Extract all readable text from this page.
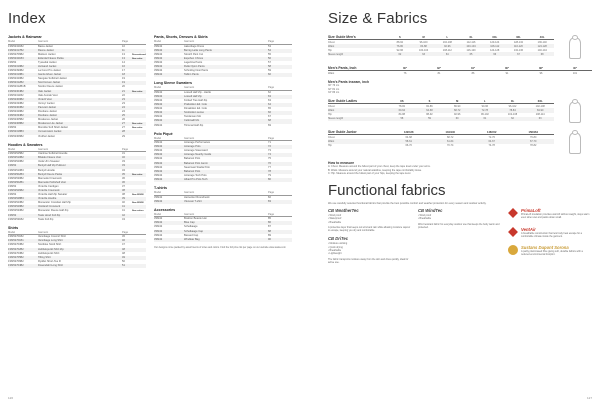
Index
Jackets & Rainwear
Model	Garment	Page
1SM52321B2	Basta Jacket	10
1SM52317B2	Ravna Jacket	11
1SM52706B2	Mattson Jacket	13	Discontinued
1SM52321B3	Eiderdal Fleece Parka	13	New color
1SM52	Tyssedal Jacket	14
1SM52319B2	Hvitsand Jacket	16
1SM52390B2	La Foret Pro Jacket	17
1SM52319B1	Gamle Elven Jacket	18
1SM52320B2	Nangate Softshell Jacket	19
1SM52312B2	Nord Hoven Jacket	19
1SM52312B1B	Nordre Fleece Jacket	20
1SM52304B2	Vale Jacket	21	New color
1SM52311B2	Vale Anorak Vest	22
1SM52309B2	Vinterli Vest	23
1SM52333B2	Vermyr Jacket	23
1SM52303B2	Pauvrett Jacket	24
1SM52329B2	Rondane Jacket	24
1SM52334B2	Rondane Jacket	25
1SM52305B2	Moskenes Jacket	26
1SM52308B2	Moskenes Lite Jacket	27	New color
1SM52	Monolite Soft Shell Jacket	27	New color
1SM52318B3	Uvmannstein Jacket	28
1SM52306B2	Vindhel Jacket	29
Hoodies & Sweaters
Model	Garment	Page
1SM52525B2	Utanhoe Softshell Hoodie	31
1SM52510B2	Bhakko Fleece Vest	32
1SM52520B2	Veda Uhn Sweater	33
1SM52	Bunlyd Half Zip Pullover	33
1SM52510B3	Bunlyd Hoodie	34
1SM52502B3	Bunlyd Fleece Parka	35	New color
1SM52530B2	Mannedel Crewneck	36
1SM52502B1	Mannedel Softshell Vest	36
1SM52	Vinterlie Cardigan	37
1SM52526B2	Vinterlie Crewneck	38
1SM52	Vinterlie Half Zip Sweater	38	New MODE
1SM52528B3	Vinterlie Hoodie	39
1SM52523B2	Monaceler Crewfeet Half Zip	40	New MODE
1SM52529B2	Vostland Crewneck	41
1SM52533B2	Monaceler Fleece Half Zip	41	New colors
1SM52	Tasle Hood Full Zip	42
1SM52531B2	Tasle Full Zip	43
Shirts
Model	Garment	Page
1SM52701B2	Vanntkage Crewnrl Shirt	45
1SM52701B1	Vanntkage Long Shirt	46
1SM52703B2	Nordiske Nordi Shirt	47
1SM52702B2	Hubbekpunkt Shirt Zip	48
1SM52703B2	Hubbekpunkt Shirt	48
1SM52705B2	Tilling Shirt	49
1SM52706B2	Ryddet Short-Tee R	50
1SM52704B2	Dosendahl Long Shirt	51
Pants, Shorts, Dresses & Skirts
Model	Garment	Page
3SM42	Aakerdage Dress	53
3SM42	Bernig Latta Long Pants	54
3SM42	Stretch Pant Cut	55
3SM42	Espohen Chinos	56
3SM42	Lagertina Pants	57
3SM42	Rulle Nylon Pants	58
3SM42	Schnding Nosi Pants	59
3SM42	Tallinn Pants	60
Long Sleeve Sweaters
Model	Garment	Page
3SM42	Lossell Half Zip - Hartle	62
3SM42	Lossell Half Zip	63
3SM42	Knitted Ties Half Zip	63
3SM42	Praikolden Ed. Cole	64
3SM42	Dimakiden Ed. Cole	65
3SM42	Snobsiden sense	66
3SM42	Tandansen Mo	67
3SM42	Cellonadl Mo	68
3SM42	Tilcomal Half Zip	69
Polo Piqué
Model	Garment	Page
3SM42	Anterage Performance	71
3SM42	Anterage Polo	72
3SM42	Anterage Steenward	73
3SM42	Anterage Nearby Guide	74
3SM42	Babarvel Polo	75
3SM42	Babarvel Polo Jamin	76
3SM42	Nearcoast Stadia Polo	77
3SM42	Babarvel Polo	78
3SM42	Anterage Tech Polo	79
3SM42	Albad Pro Polo Tech	80
T-shirts
Model	Garment	Page
3SM42	Heinecker Roundneck	82
3SM42	Vlenessi T-shirt	83
Accessories
Model	Garment	Page
3SM42	Brekton Beanie Hat	85
3SM42	Blue Cap	86
3SM42	Schelkaage	87
3SM42	Schelkaage Cap	88
3SM42	Bessed Cap	89
3SM42	Windlear Bag	90
Our designs come packed by assortments of sizes and colors. Find the full price list per page on our website www.sasta.com
126
Size & Fabrics
Size Guide Men's	S	M	L	XL	XXL	3XL	4XL
Chest	88-92	96-100	104-108	112-116	120-124	128-132	136-140
Waist	76-80	84-88	92-96	100-104	108-112	116-120	124-128
Hip	92-96	100-104	108-112	116-120	124-128	132-136	140-144
Sleeve length	62	63	64	65	66	67	68
Men's Pants, Inch	30"	32"	34"	36"	38"	40"
Waist	76	81	86	91	96	101
Men's Pants inseam, inch
30" 76 cm
32" 81 cm
34" 86 cm
Size Guide Ladies	XS	S	M	L	XL	XXL
Chest	78-82	82-86	86-90	90-96	96-102	102-108
Waist	60-64	64-68	68-72	72-78	78-84	84-90
Hip	84-88	88-92	92-96	96-102	102-108	108-114
Sleeve length	58	59	60	61	62	63
Size Guide Junior	122/128	134/140	146/152	158/164
Chest	64-68	68-72	72-76	76-80
Waist	58-61	61-64	64-67	67-70
Hip	66-70	70-74	74-78	78-82
How to measure
A: Chest. Measure around the fullest part of your chest, keep the tape level under your arms.
B: Waist. Measure around your natural waistline, keeping the tape comfortably loose.
C: Hip. Measure around the fullest part of your hips, keeping the tape level.
Functional fabrics
We use carefully selected functional fabrics that provide the best possible comfort and weather protection for every season and outdoor activity.
CB WeatherTec
• Wind proof
• Waterproof
• Breathable
A protective layer that keeps out wind and rain while allowing moisture vapour to escape, keeping you dry and comfortable.
CB DriTec
• Moisture wicking
• Quick drying
• Breathable
• Lightweight
The fabric transports moisture away from the skin and dries quickly, ideal for active use.
CB WindTec
• Wind proof
• Breathable
Wind resistant fabric for everyday outdoor use that keeps the body warm and protected.
PrimaLoft
PrimaLoft insulation provides warmth without weight, stays warm even when wet and packs down small.
VentAir
A breathable construction that lets body heat escape for a comfortable climate inside the garment.
Sustans Dupont Sorona
A partly plant-based fibre giving soft, durable fabrics with a reduced environmental footprint.
127
